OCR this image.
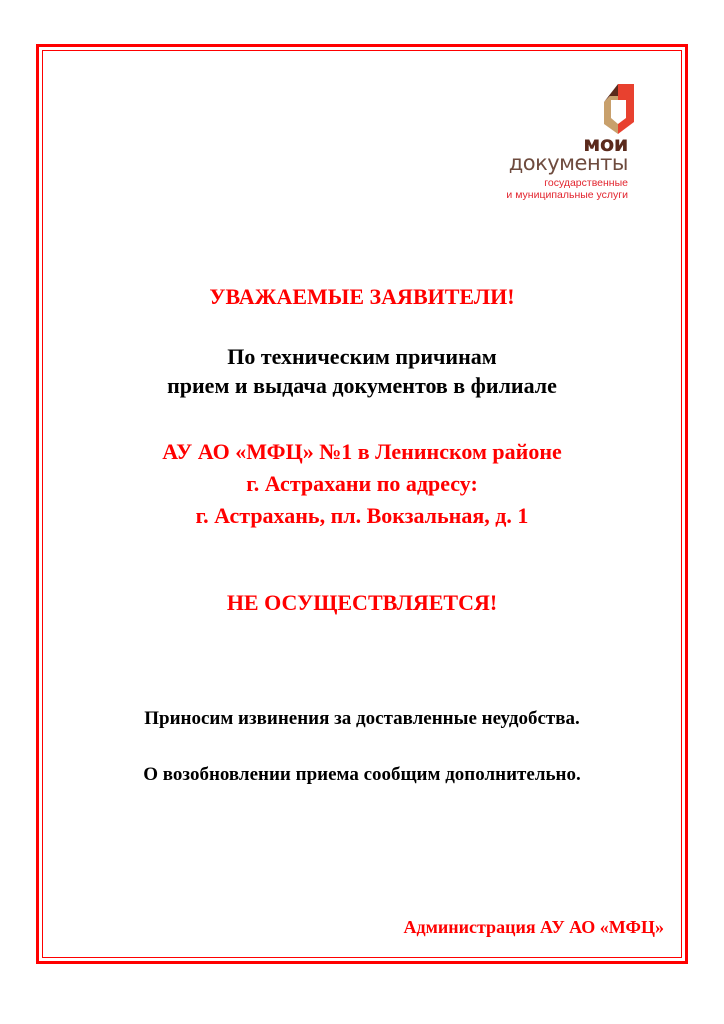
мои
документы
государственные
и муниципальные услуги
УВАЖАЕМЫЕ ЗАЯВИТЕЛИ!
По техническим причинам
прием и выдача документов в филиале
АУ АО «МФЦ» №1 в Ленинском районе
г. Астрахани по адресу:
г. Астрахань, пл. Вокзальная, д. 1
НЕ ОСУЩЕСТВЛЯЕТСЯ!
Приносим извинения за доставленные неудобства.
О возобновлении приема сообщим дополнительно.
Администрация АУ АО «МФЦ»
